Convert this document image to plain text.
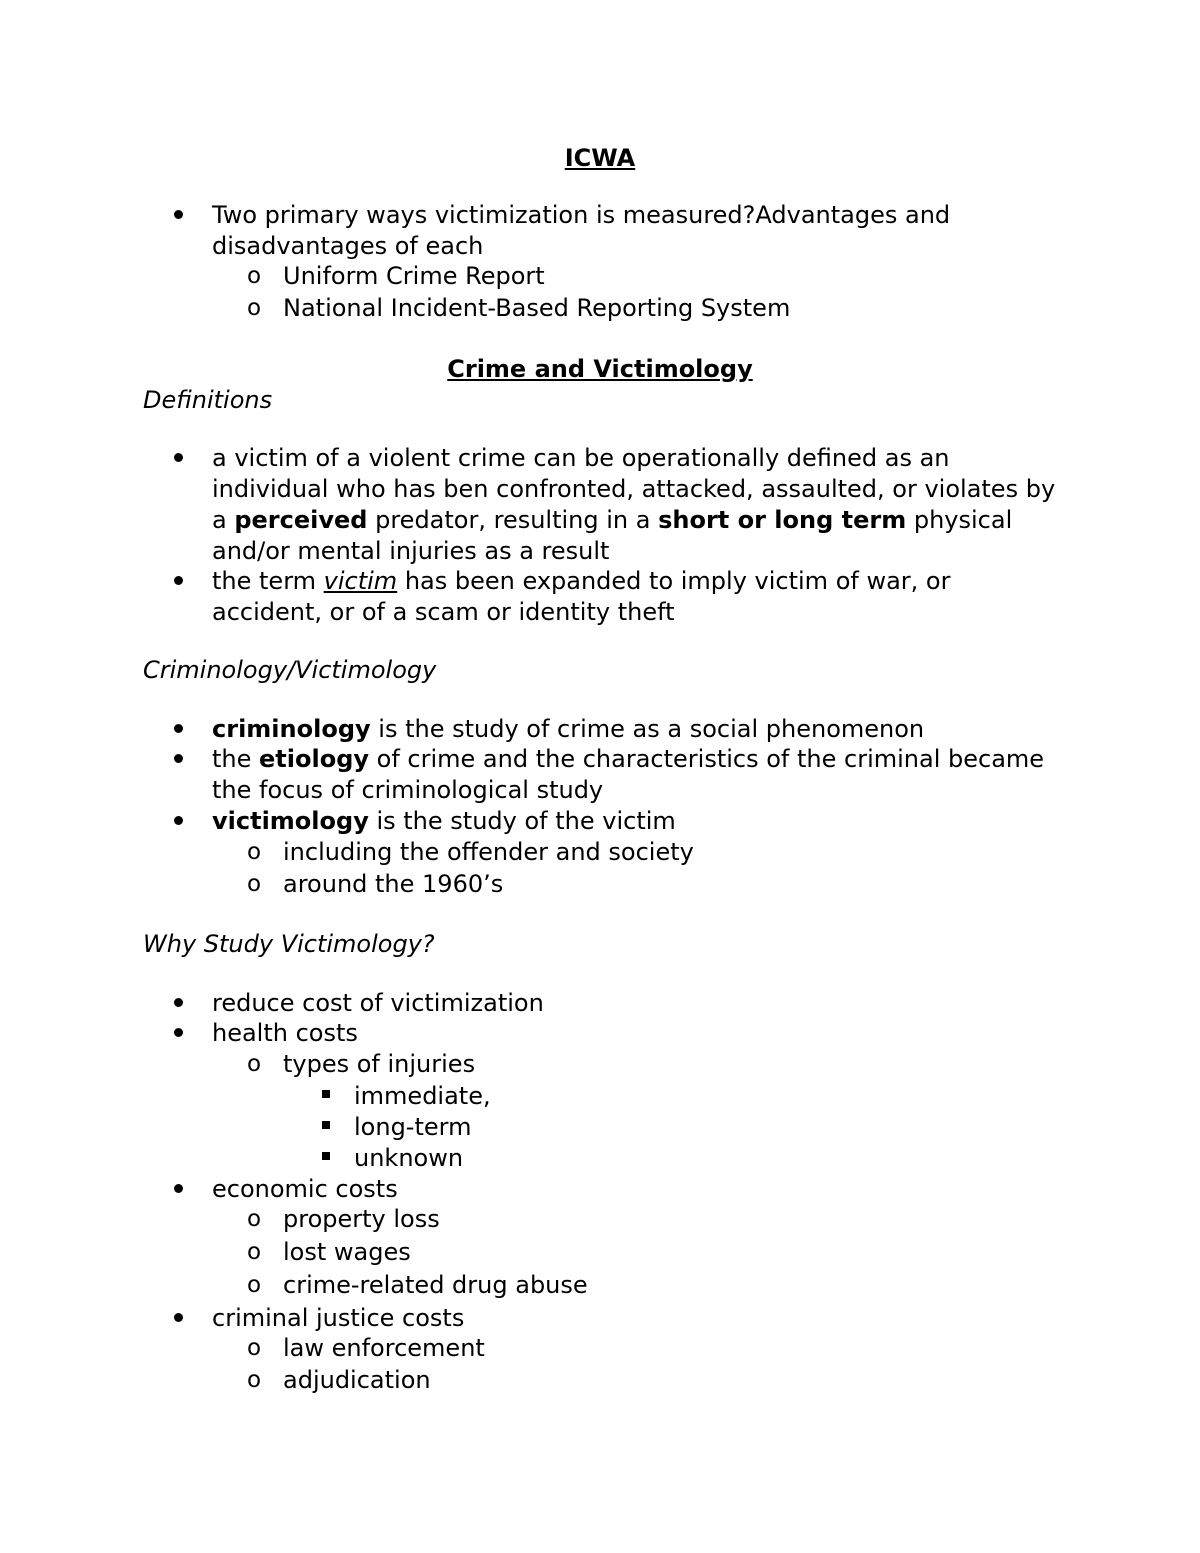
ICWA
Two primary ways victimization is measured?Advantages and disadvantages of each
o Uniform Crime Report
o National Incident-Based Reporting System
Crime and Victimology
Definitions
a victim of a violent crime can be operationally defined as an individual who has ben confronted, attacked, assaulted, or violates by a perceived predator, resulting in a short or long term physical and/or mental injuries as a result
the term victim has been expanded to imply victim of war, or accident, or of a scam or identity theft
Criminology/Victimology
criminology is the study of crime as a social phenomenon
the etiology of crime and the characteristics of the criminal became the focus of criminological study
victimology is the study of the victim
o including the offender and society
o around the 1960’s
Why Study Victimology?
reduce cost of victimization
health costs
o types of injuries
immediate,
long-term
unknown
economic costs
o property loss
o lost wages
o crime-related drug abuse
criminal justice costs
o law enforcement
o adjudication
